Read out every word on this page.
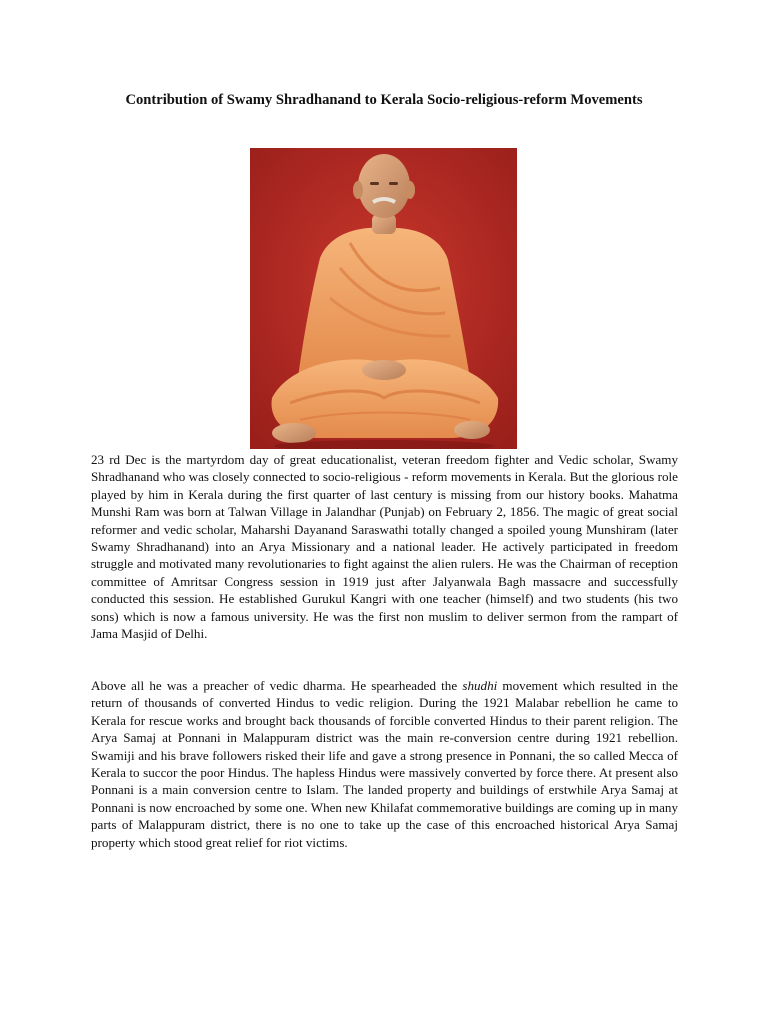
Contribution of Swamy Shradhanand to Kerala Socio-religious-reform Movements
23 rd Dec is the martyrdom day of great educationalist, veteran freedom fighter and Vedic scholar, Swamy Shradhanand who was closely connected to socio-religious - reform movements in Kerala. But the glorious role played by him in Kerala during the first quarter of last century is missing from our history books. Mahatma Munshi Ram was born at Talwan Village in Jalandhar (Punjab) on February 2, 1856. The magic of great social reformer and vedic scholar, Maharshi Dayanand Saraswathi totally changed a spoiled young Munshiram (later Swamy Shradhanand) into an Arya Missionary and a national leader. He actively participated in freedom struggle and motivated many revolutionaries to fight against the alien rulers. He was the Chairman of reception committee of Amritsar Congress session in 1919 just after Jalyanwala Bagh massacre and successfully conducted this session. He established Gurukul Kangri with one teacher (himself) and two students (his two sons) which is now a famous university. He was the first non muslim to deliver sermon from the rampart of Jama Masjid of Delhi.
Above all he was a preacher of vedic dharma. He spearheaded the shudhi movement which resulted in the return of thousands of converted Hindus to vedic religion. During the 1921 Malabar rebellion he came to Kerala for rescue works and brought back thousands of forcible converted Hindus to their parent religion. The Arya Samaj at Ponnani in Malappuram district was the main re-conversion centre during 1921 rebellion. Swamiji and his brave followers risked their life and gave a strong presence in Ponnani, the so called Mecca of Kerala to succor the poor Hindus. The hapless Hindus were massively converted by force there. At present also Ponnani is a main conversion centre to Islam. The landed property and buildings of erstwhile Arya Samaj at Ponnani is now encroached by some one. When new Khilafat commemorative buildings are coming up in many parts of Malappuram district, there is no one to take up the case of this encroached historical Arya Samaj property which stood great relief for riot victims.
